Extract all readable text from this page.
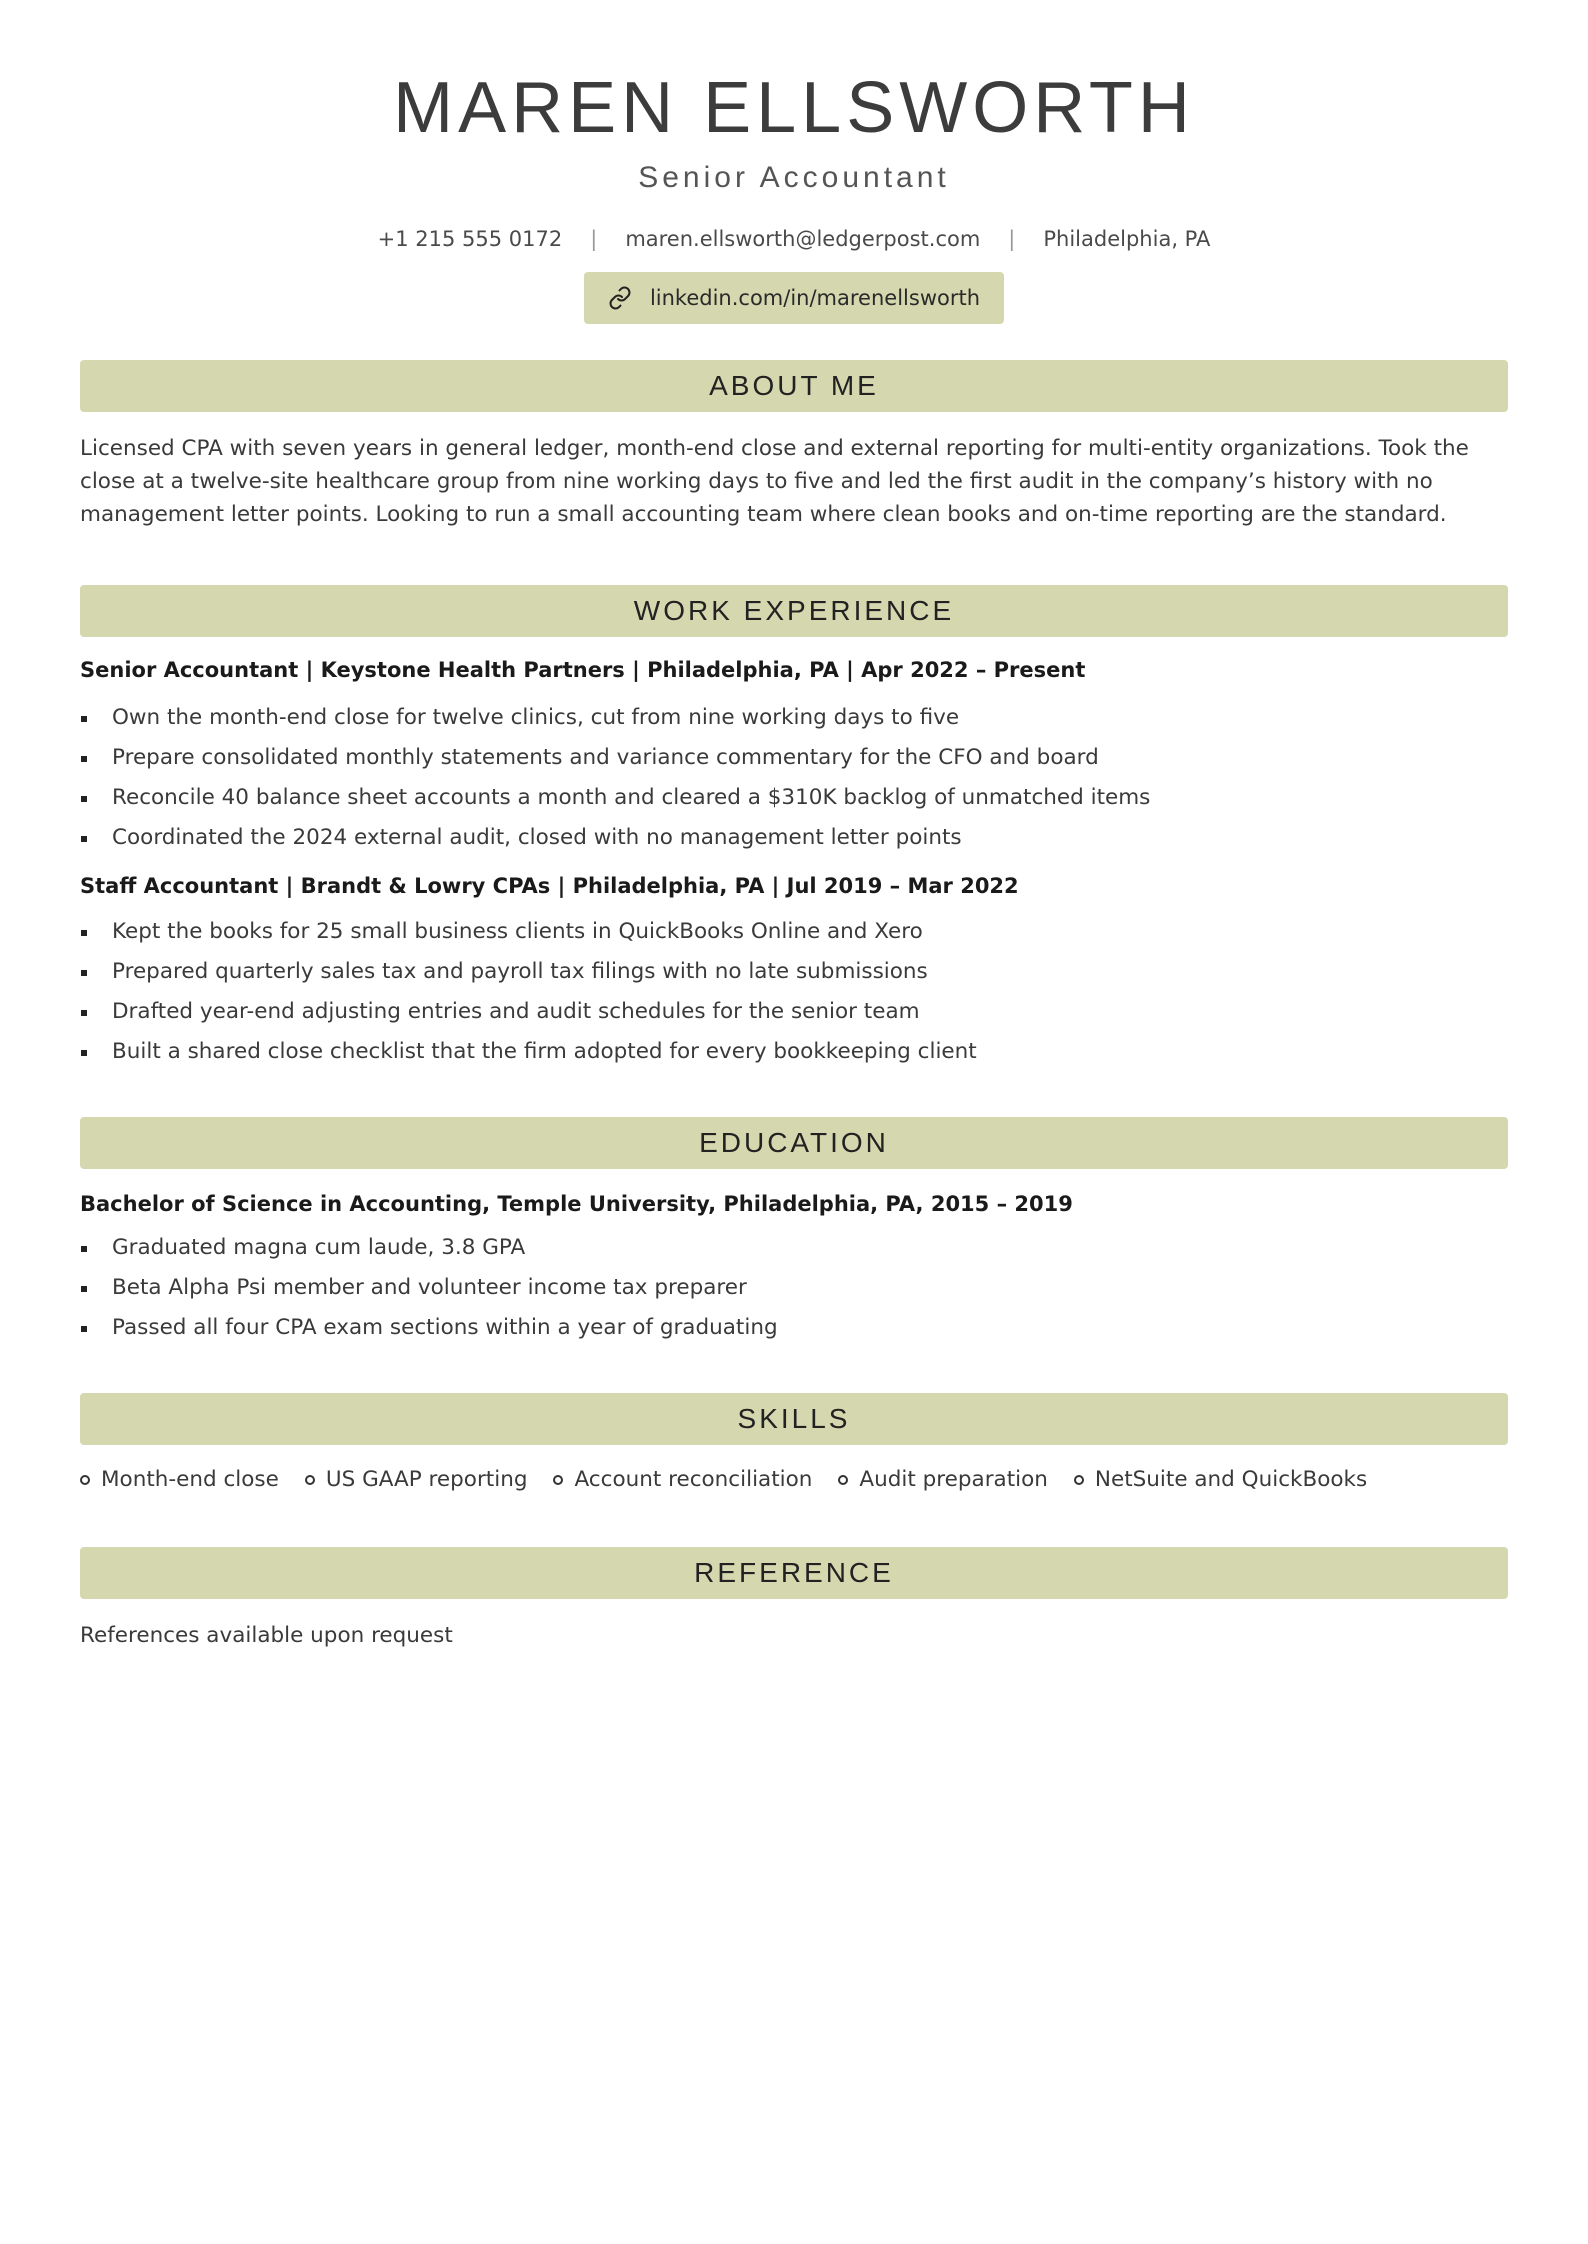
MAREN ELLSWORTH
Senior Accountant
+1 215 555 0172 | maren.ellsworth@ledgerpost.com | Philadelphia, PA
linkedin.com/in/marenellsworth
ABOUT ME
Licensed CPA with seven years in general ledger, month-end close and external reporting for multi-entity organizations. Took the close at a twelve-site healthcare group from nine working days to five and led the first audit in the company’s history with no management letter points. Looking to run a small accounting team where clean books and on-time reporting are the standard.
WORK EXPERIENCE
Senior Accountant | Keystone Health Partners | Philadelphia, PA | Apr 2022 – Present
Own the month-end close for twelve clinics, cut from nine working days to five
Prepare consolidated monthly statements and variance commentary for the CFO and board
Reconcile 40 balance sheet accounts a month and cleared a $310K backlog of unmatched items
Coordinated the 2024 external audit, closed with no management letter points
Staff Accountant | Brandt & Lowry CPAs | Philadelphia, PA | Jul 2019 – Mar 2022
Kept the books for 25 small business clients in QuickBooks Online and Xero
Prepared quarterly sales tax and payroll tax filings with no late submissions
Drafted year-end adjusting entries and audit schedules for the senior team
Built a shared close checklist that the firm adopted for every bookkeeping client
EDUCATION
Bachelor of Science in Accounting, Temple University, Philadelphia, PA, 2015 – 2019
Graduated magna cum laude, 3.8 GPA
Beta Alpha Psi member and volunteer income tax preparer
Passed all four CPA exam sections within a year of graduating
SKILLS
Month-end close US GAAP reporting Account reconciliation Audit preparation NetSuite and QuickBooks
REFERENCE
References available upon request
